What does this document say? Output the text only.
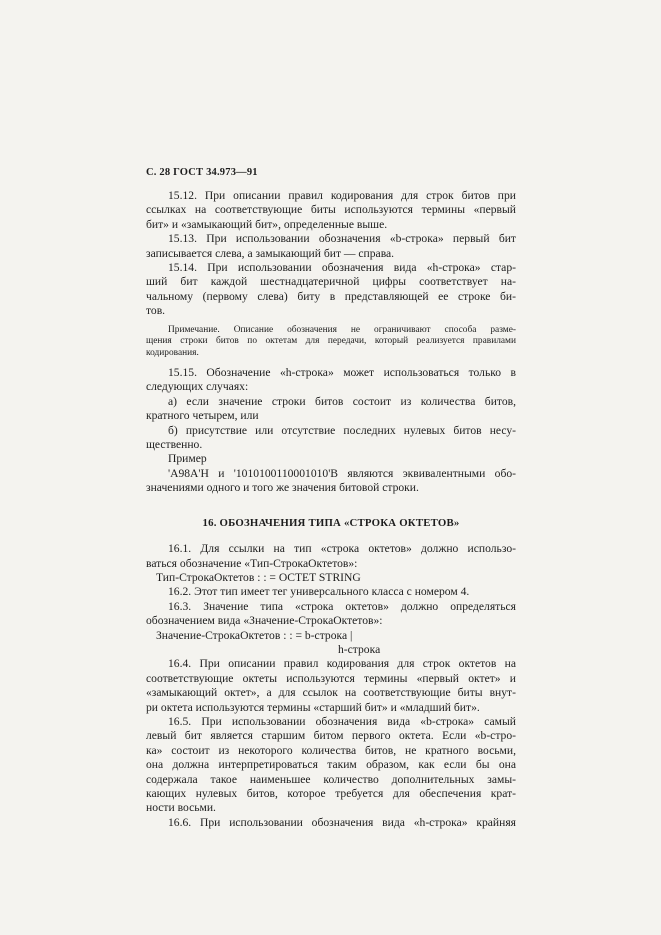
С. 28 ГОСТ 34.973—91
15.12. При описании правил кодирования для строк битов при
ссылках на соответствующие биты используются термины «первый
бит» и «замыкающий бит», определенные выше.
15.13. При использовании обозначения «b-строка» первый бит
записывается слева, а замыкающий бит — справа.
15.14. При использовании обозначения вида «h-строка» стар-
ший бит каждой шестнадцатеричной цифры соответствует на-
чальному (первому слева) биту в представляющей ее строке би-
тов.
Примечание. Описание обозначения не ограничивают способа разме-
щения строки битов по октетам для передачи, который реализуется правилами
кодирования.
15.15. Обозначение «h-строка» может использоваться только в
следующих случаях:
а) если значение строки битов состоит из количества битов,
кратного четырем, или
б) присутствие или отсутствие последних нулевых битов несу-
щественно.
Пример
'A98A'H и '1010100110001010'B являются эквивалентными обо-
значениями одного и того же значения битовой строки.
16. ОБОЗНАЧЕНИЯ ТИПА «СТРОКА ОКТЕТОВ»
16.1. Для ссылки на тип «строка октетов» должно использо-
ваться обозначение «Тип-СтрокаОктетов»:
Тип-СтрокаОктетов : : = OCTET STRING
16.2. Этот тип имеет тег универсального класса с номером 4.
16.3. Значение типа «строка октетов» должно определяться
обозначением вида «Значение-СтрокаОктетов»:
Значение-СтрокаОктетов : : = b-строка |
h-строка
16.4. При описании правил кодирования для строк октетов на
соответствующие октеты используются термины «первый октет» и
«замыкающий октет», а для ссылок на соответствующие биты внут-
ри октета используются термины «старший бит» и «младший бит».
16.5. При использовании обозначения вида «b-строка» самый
левый бит является старшим битом первого октета. Если «b-стро-
ка» состоит из некоторого количества битов, не кратного восьми,
она должна интерпретироваться таким образом, как если бы она
содержала такое наименьшее количество дополнительных замы-
кающих нулевых битов, которое требуется для обеспечения крат-
ности восьми.
16.6. При использовании обозначения вида «h-строка» крайняя
